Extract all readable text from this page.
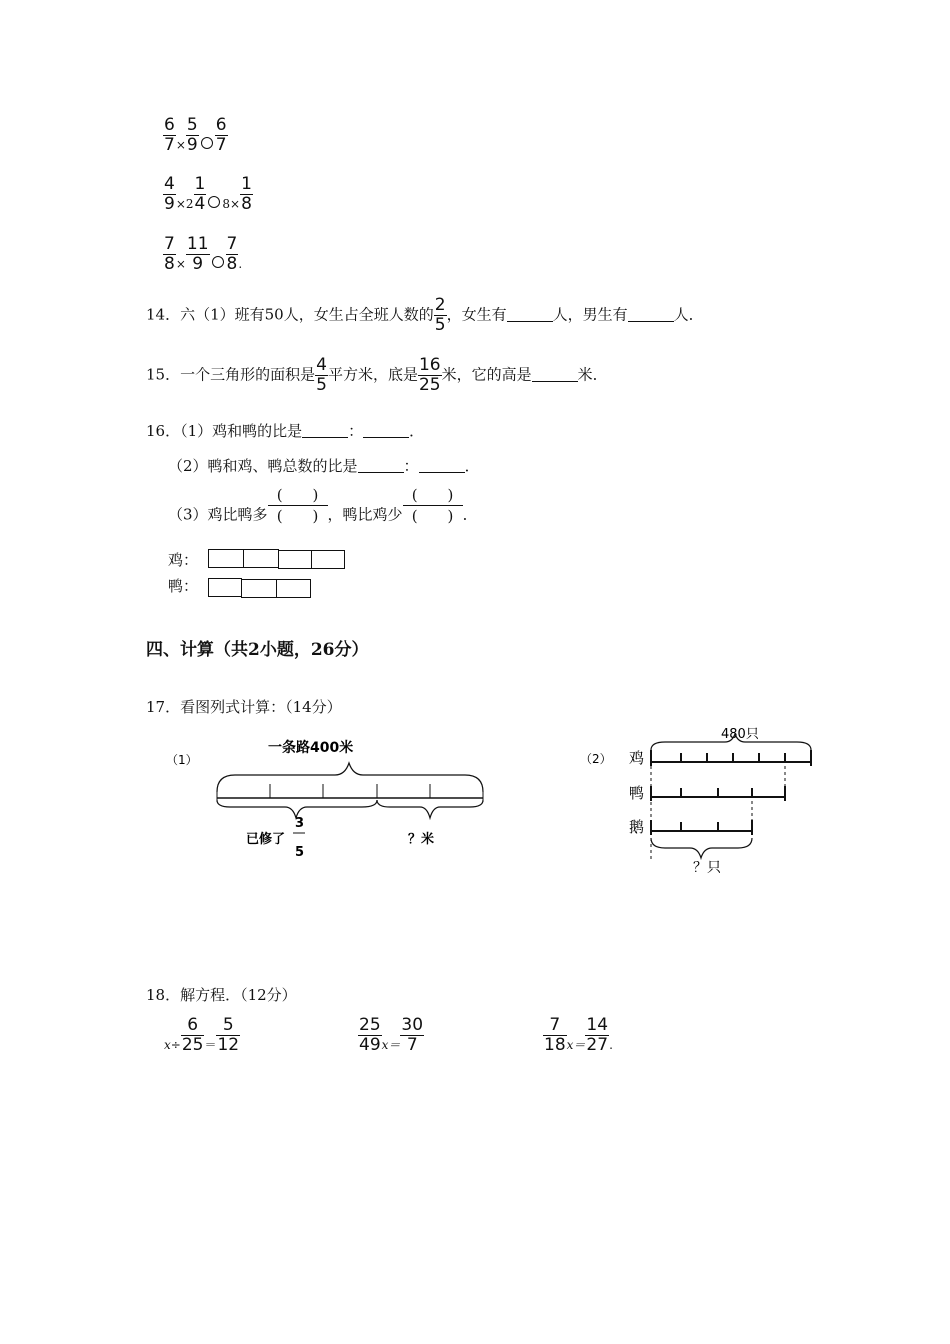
$\frac{6}{7} _\times \frac{5}{9} \frac{6}{7}$
$\frac{4}{9} _{\times 2} \frac{1}{4} _{8\times} \frac{1}{8}$
$\frac{7}{8} _\times \frac{11}{9} \frac{7}{8} _.$
14．六（1）班有50人，女生占全班人数的 $\frac{2}{5}$ ，女生有	人，男生有	人．
15．一个三角形的面积是 $\frac{4}{5}$ 平方米，底是 $\frac{16}{25}$ 米，它的高是	米．
16．（1）鸡和鸭的比是	：	．
（2）鸭和鸡、鸭总数的比是	：	．
（3）鸡比鸭多 $\frac{( )}{( )}$ ，鸭比鸡少 $\frac{( )}{( )}$ ．
鸡：
鸭：
四、计算（共2小题，26分）
17．看图列式计算：（14分）
（1）
一条路400米
已修了
3
5
？米
（2）
480只
鸡
鸭
鹅
？只
18．解方程．（12分）
$_{x\div} \frac{6}{25} _= \frac{5}{12}$	$\frac{25}{49} _{x=} \frac{30}{7}$	$\frac{7}{18} _{x=} \frac{14}{27} _.$
